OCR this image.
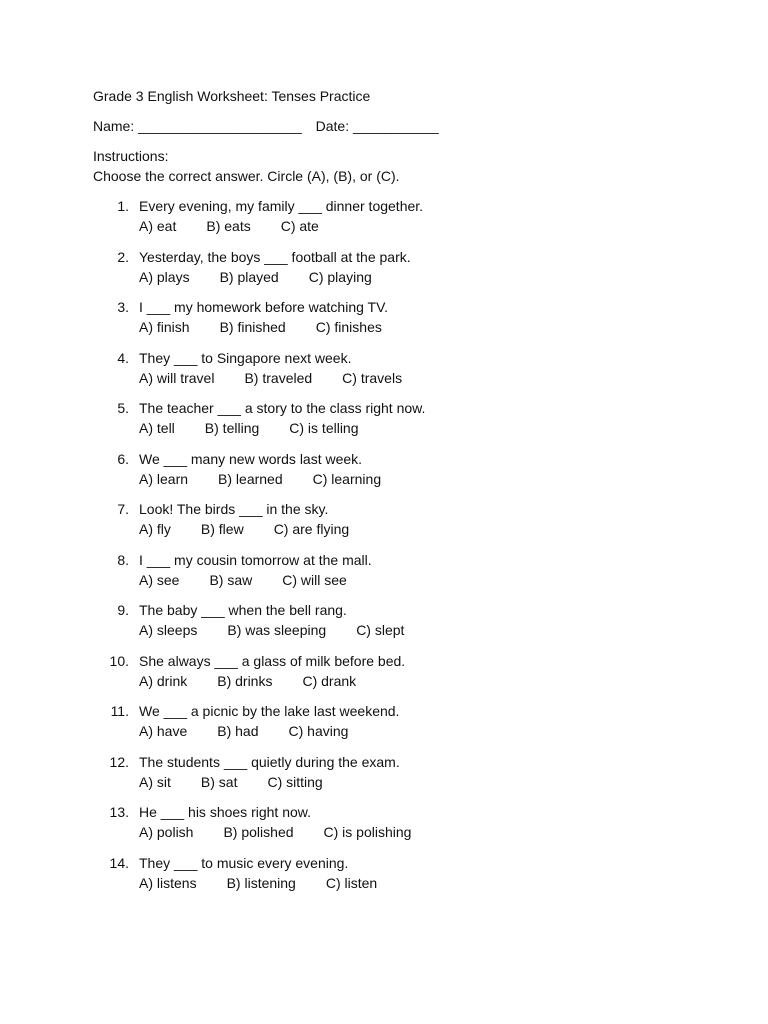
Grade 3 English Worksheet: Tenses Practice
Name: _____________________ Date: ___________
Instructions:
Choose the correct answer. Circle (A), (B), or (C).
1. Every evening, my family ___ dinner together.
A) eat B) eats C) ate
2. Yesterday, the boys ___ football at the park.
A) plays B) played C) playing
3. I ___ my homework before watching TV.
A) finish B) finished C) finishes
4. They ___ to Singapore next week.
A) will travel B) traveled C) travels
5. The teacher ___ a story to the class right now.
A) tell B) telling C) is telling
6. We ___ many new words last week.
A) learn B) learned C) learning
7. Look! The birds ___ in the sky.
A) fly B) flew C) are flying
8. I ___ my cousin tomorrow at the mall.
A) see B) saw C) will see
9. The baby ___ when the bell rang.
A) sleeps B) was sleeping C) slept
10. She always ___ a glass of milk before bed.
A) drink B) drinks C) drank
11. We ___ a picnic by the lake last weekend.
A) have B) had C) having
12. The students ___ quietly during the exam.
A) sit B) sat C) sitting
13. He ___ his shoes right now.
A) polish B) polished C) is polishing
14. They ___ to music every evening.
A) listens B) listening C) listen
